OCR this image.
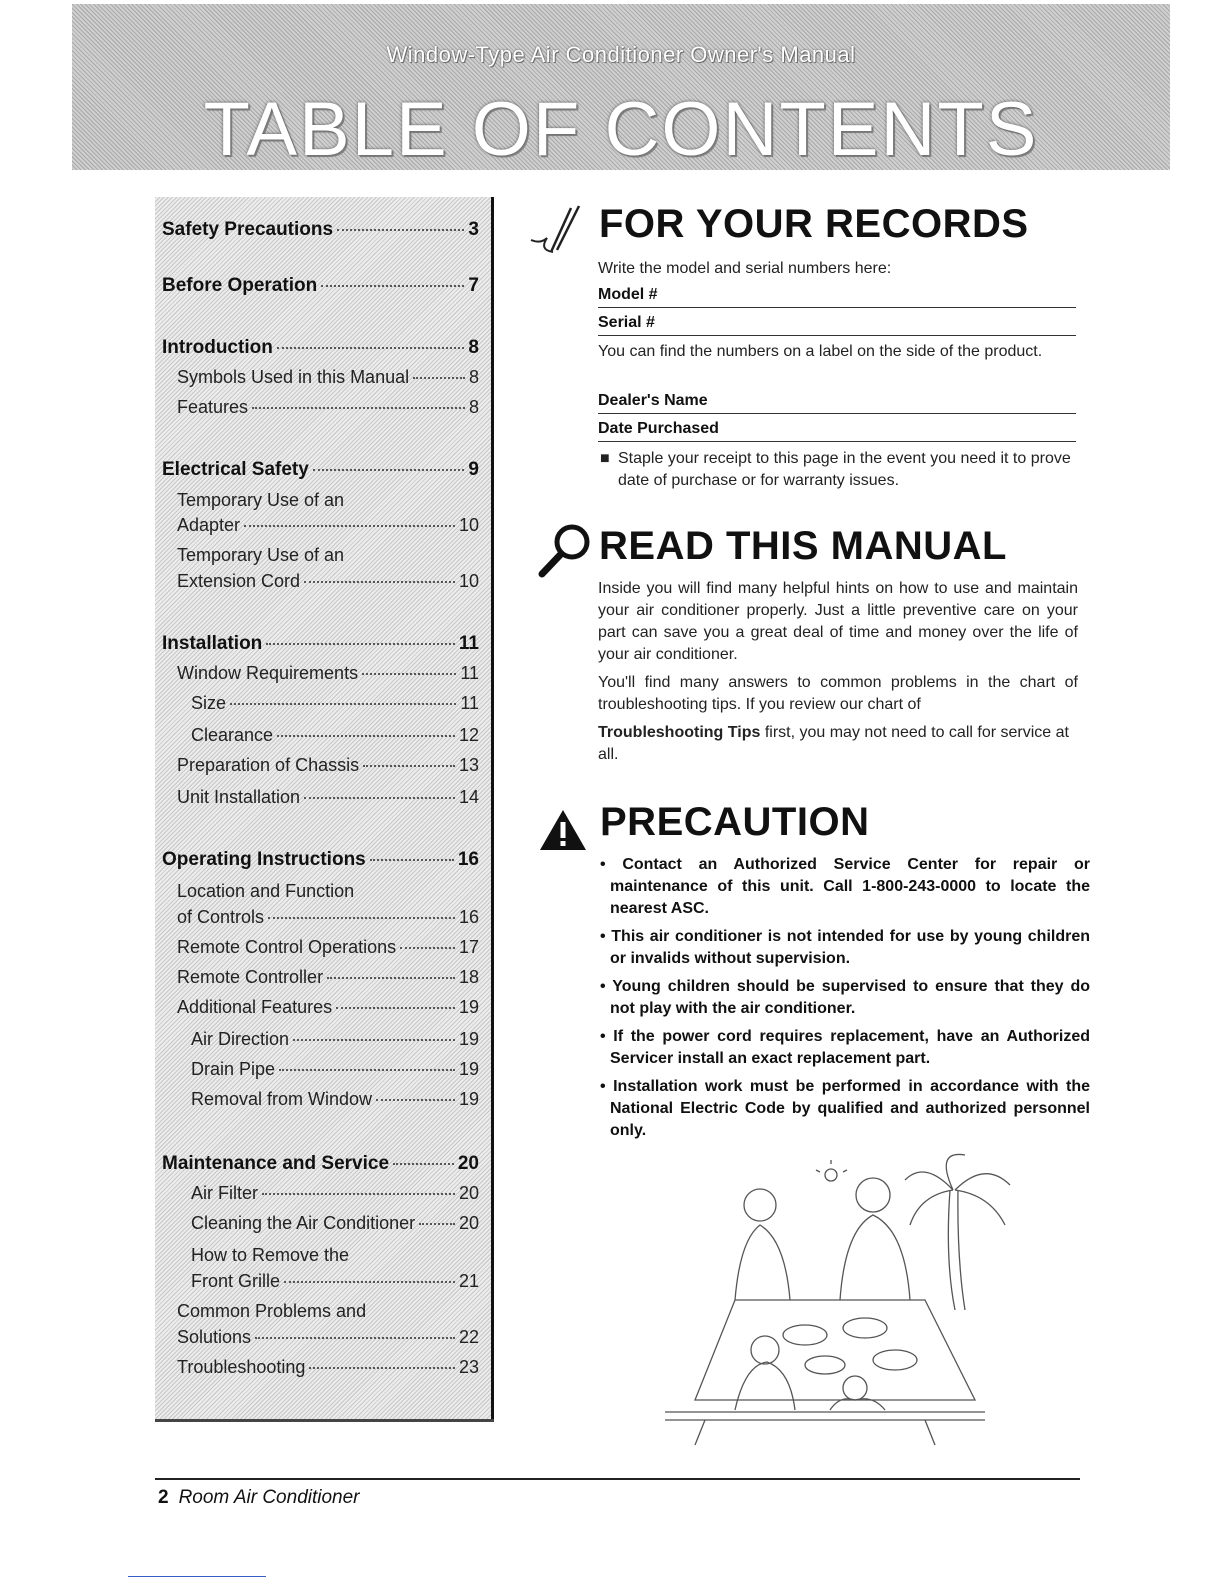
Window-Type Air Conditioner Owner's Manual
TABLE OF CONTENTS
Safety Precautions	3
Before Operation	7
Introduction	8
Symbols Used in this Manual	8
Features	8
Electrical Safety	9
Temporary Use of an
Adapter	10
Temporary Use of an
Extension Cord	10
Installation	11
Window Requirements	11
Size	11
Clearance	12
Preparation of Chassis	13
Unit Installation	14
Operating Instructions	16
Location and Function
of Controls	16
Remote Control Operations	17
Remote Controller	18
Additional Features	19
Air Direction	19
Drain Pipe	19
Removal from Window	19
Maintenance and Service	20
Air Filter	20
Cleaning the Air Conditioner 20
How to Remove the
Front Grille	21
Common Problems and
Solutions	22
Troubleshooting	23
FOR YOUR RECORDS
Write the model and serial numbers here:
Model #
Serial #
You can find the numbers on a label on the side of the product.
Dealer's Name
Date Purchased
■ Staple your receipt to this page in the event you need it to prove date of purchase or for warranty issues.
READ THIS MANUAL
Inside you will find many helpful hints on how to use and maintain your air conditioner properly. Just a little preventive care on your part can save you a great deal of time and money over the life of your air conditioner.
You'll find many answers to common problems in the chart of troubleshooting tips. If you review our chart of
Troubleshooting Tips first, you may not need to call for service at all.
PRECAUTION
• Contact an Authorized Service Center for repair or maintenance of this unit. Call 1-800-243-0000 to locate the nearest ASC.
• This air conditioner is not intended for use by young children or invalids without supervision.
• Young children should be supervised to ensure that they do not play with the air conditioner.
• If the power cord requires replacement, have an Authorized Servicer install an exact replacement part.
• Installation work must be performed in accordance with the National Electric Code by qualified and authorized personnel only.
2 Room Air Conditioner
